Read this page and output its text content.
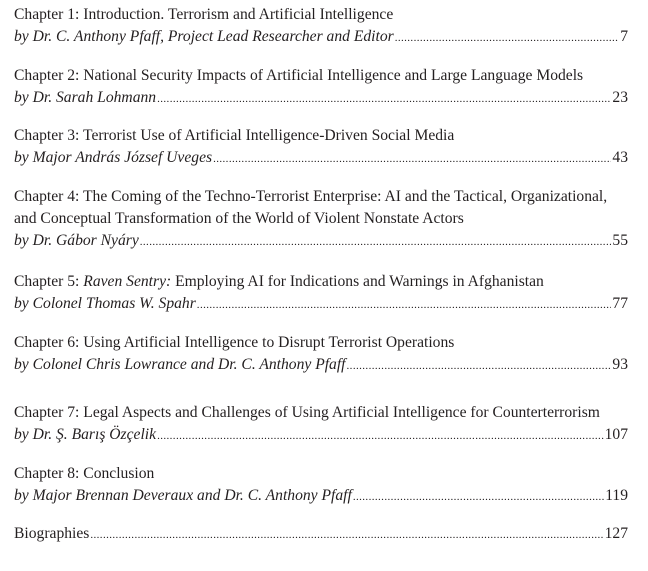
Chapter 1: Introduction. Terrorism and Artificial Intelligence
by Dr. C. Anthony Pfaff, Project Lead Researcher and Editor .....	7
Chapter 2: National Security Impacts of Artificial Intelligence and Large Language Models
by Dr. Sarah Lohmann .....	23
Chapter 3: Terrorist Use of Artificial Intelligence-Driven Social Media
by Major András József Uveges .....	43
Chapter 4: The Coming of the Techno-Terrorist Enterprise: AI and the Tactical, Organizational,
and Conceptual Transformation of the World of Violent Nonstate Actors
by Dr. Gábor Nyáry .....	55
Chapter 5: Raven Sentry: Employing AI for Indications and Warnings in Afghanistan
by Colonel Thomas W. Spahr .....	77
Chapter 6: Using Artificial Intelligence to Disrupt Terrorist Operations
by Colonel Chris Lowrance and Dr. C. Anthony Pfaff .....	93
Chapter 7: Legal Aspects and Challenges of Using Artificial Intelligence for Counterterrorism
by Dr. Ş. Barış Özçelik .....	107
Chapter 8: Conclusion
by Major Brennan Deveraux and Dr. C. Anthony Pfaff .....	119
Biographies .....	127
